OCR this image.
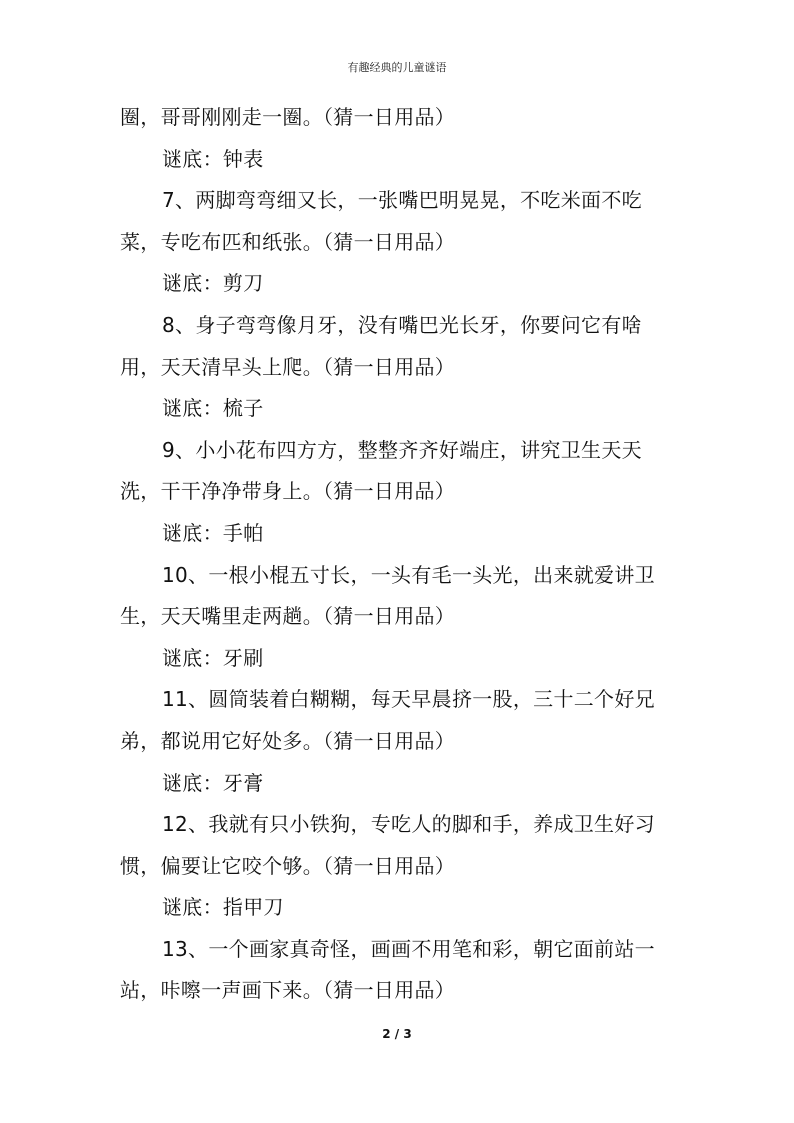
有趣经典的儿童谜语
圈，哥哥刚刚走一圈。（猜一日用品）
谜底：钟表
7、两脚弯弯细又长，一张嘴巴明晃晃，不吃米面不吃
菜，专吃布匹和纸张。（猜一日用品）
谜底：剪刀
8、身子弯弯像月牙，没有嘴巴光长牙，你要问它有啥
用，天天清早头上爬。（猜一日用品）
谜底：梳子
9、小小花布四方方，整整齐齐好端庄，讲究卫生天天
洗，干干净净带身上。（猜一日用品）
谜底：手帕
10、一根小棍五寸长，一头有毛一头光，出来就爱讲卫
生，天天嘴里走两趟。（猜一日用品）
谜底：牙刷
11、圆筒装着白糊糊，每天早晨挤一股，三十二个好兄
弟，都说用它好处多。（猜一日用品）
谜底：牙膏
12、我就有只小铁狗，专吃人的脚和手，养成卫生好习
惯，偏要让它咬个够。（猜一日用品）
谜底：指甲刀
13、一个画家真奇怪，画画不用笔和彩，朝它面前站一
站，咔嚓一声画下来。（猜一日用品）
2 / 3
